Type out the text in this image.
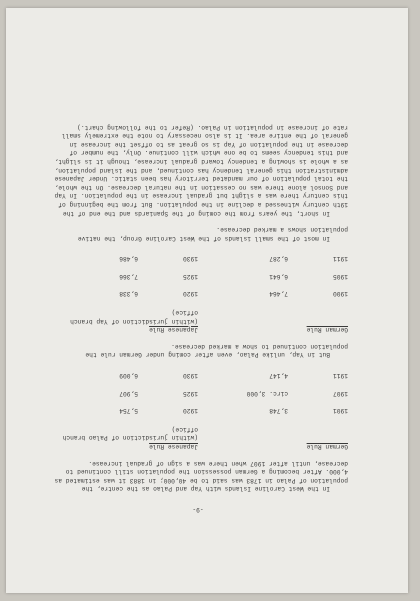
-9-

In the West Caroline Islands with Yap and Palao as the centre, the population of Palao in 1783 was said to be 40,000; in 1883 it was estimated as 4,000. After becoming a German possession the population still continued to decrease, until after 1907 when there was a sign of gradual increase.

German Rule
Japanese Rule
(within jurisdiction of Palao branch office)
1901
3,748
1920
5,754
1907
circ. 3,000
1925
5,907
1911
4,147
1930
6,009

But in Yap, unlike Palao, even after coming under German rule the population continued to show a marked decrease.

German Rule
Japanese Rule
(within jurisdiction of Yap branch office)
1900
7,464
1920
6,338
1905
6,641
1925
7,366
1911
6,287
1930
6,486

In most of the small islands of the West Caroline Group, the native population shows a marked decrease.

In short, the years from the coming of the Spaniards and the end of the 19th century witnessed a decline in the population. But from the beginning of this century there was a slight but gradual increase in the population. In Yap and Sonsol alone there was no cessation in the natural decrease. On the whole, the total population of our mandated territory has been static. Under Japanese administration this general tendency has continued, and the island population, as a whole is showing a tendency toward gradual increase, though it is slight, and this tendency seems to be one which will continue. Only, the number of decrease in the population of Yap is so great as to offset the increase in general of the entire area. It is also necessary to note the extremely small rate of increase in population in Palao. (Refer to the following chart.)
